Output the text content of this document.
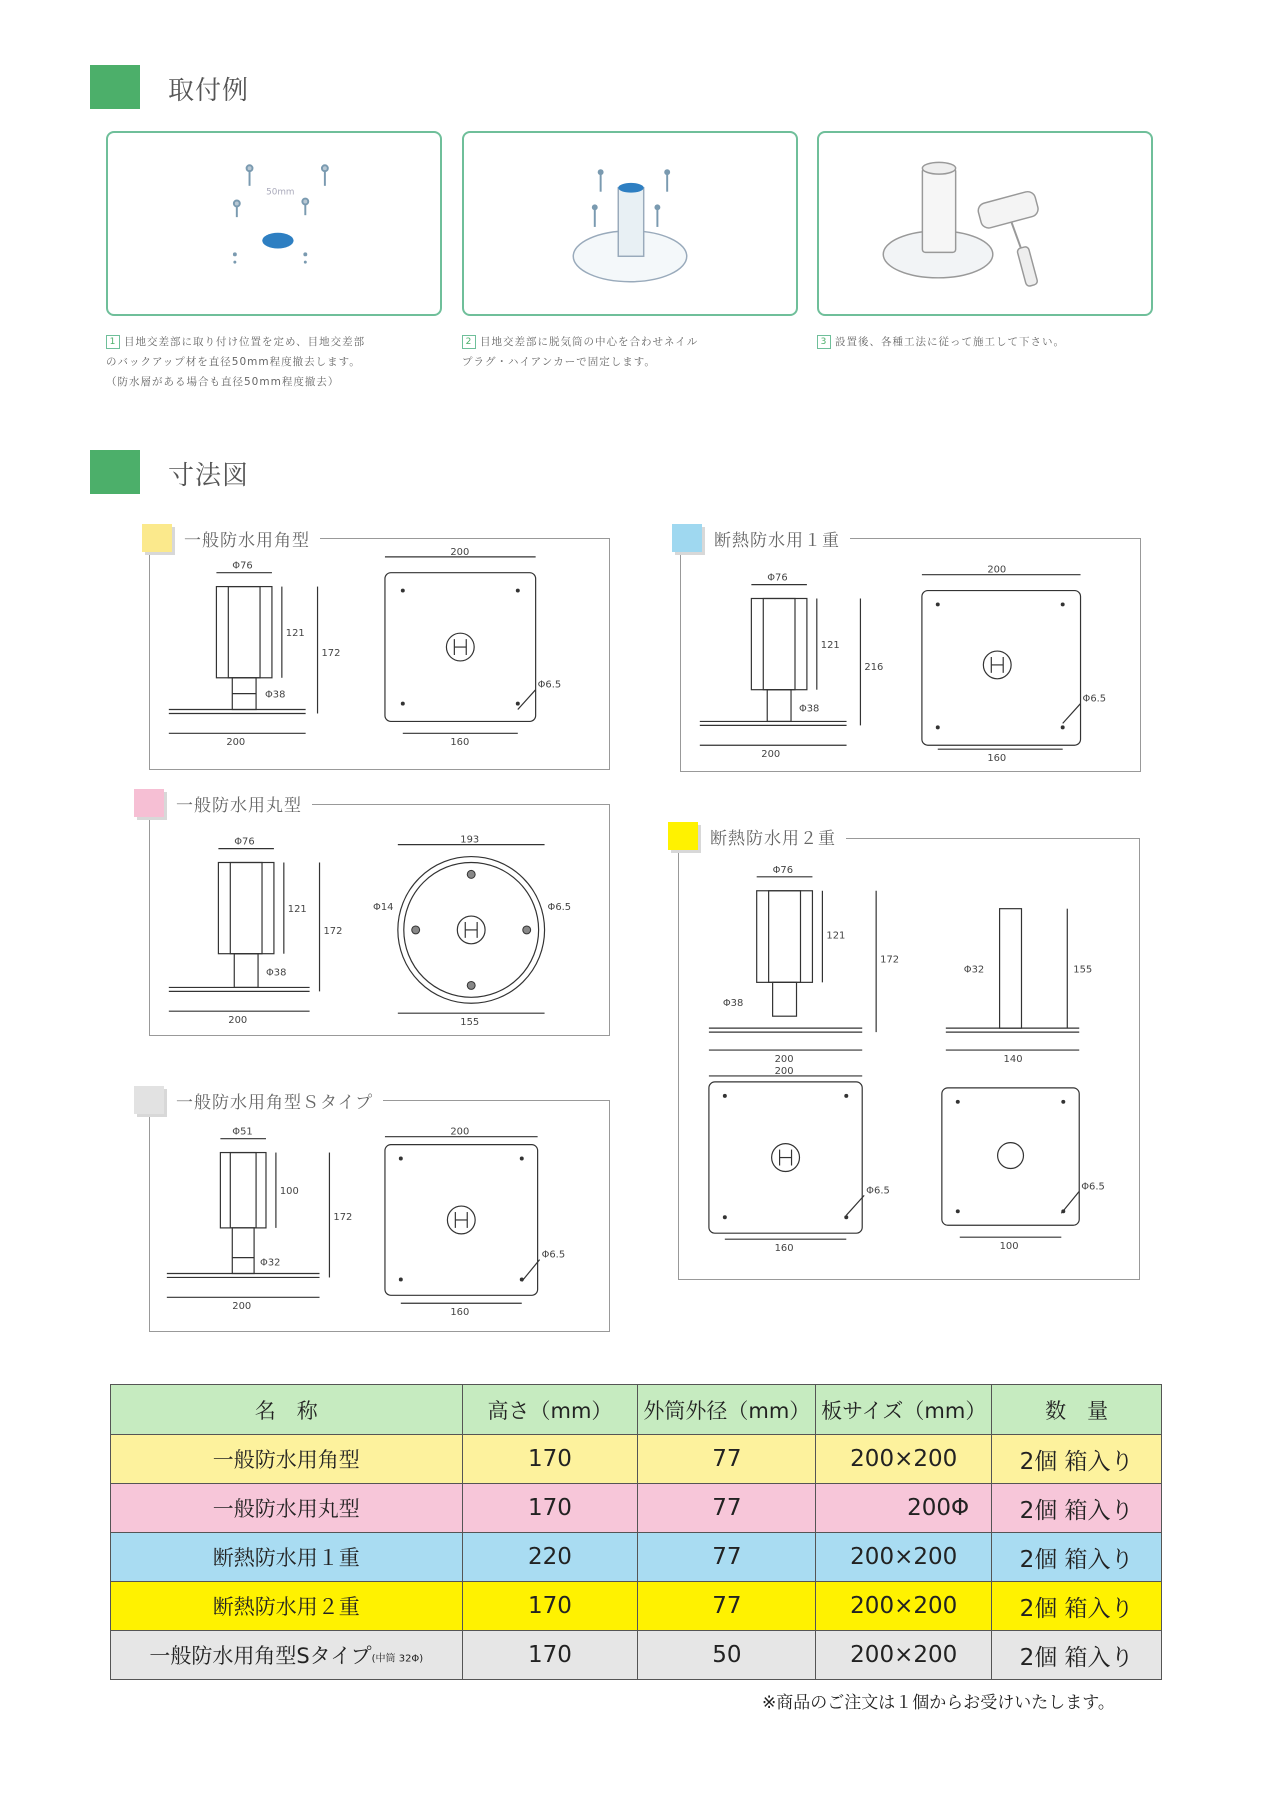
取付例
50mm
1 目地交差部に取り付け位置を定め、目地交差部
のバックアップ材を直径50mm程度撤去します。
（防水層がある場合も直径50mm程度撤去）
2 目地交差部に脱気筒の中心を合わせネイル
プラグ・ハイアンカーで固定します。
3 設置後、各種工法に従って施工して下さい。
寸法図
Φ76
121
172
Φ38
200
200
160
Φ6.5
一般防水用角型
Φ76
121
216
Φ38
200
200
160
Φ6.5
断熱防水用１重
Φ76
121
172
Φ38
200
193
155
Φ14	Φ6.5
一般防水用丸型
Φ76
121
172
Φ38
200
Φ32	155
140
200
160
Φ6.5
100
Φ6.5
断熱防水用２重
Φ51
100
172
Φ32
200
200
160
Φ6.5
一般防水用角型Ｓタイプ
名　称	高さ（mm）	外筒外径（mm）	板サイズ（mm）	数　量
一般防水用角型	170	77	200×200	2個 箱入り
一般防水用丸型	170	77	200Φ	2個 箱入り
断熱防水用１重	220	77	200×200	2個 箱入り
断熱防水用２重	170	77	200×200	2個 箱入り
一般防水用角型Sタイプ(中筒 32Φ)	170	50	200×200	2個 箱入り
※商品のご注文は１個からお受けいたします。
